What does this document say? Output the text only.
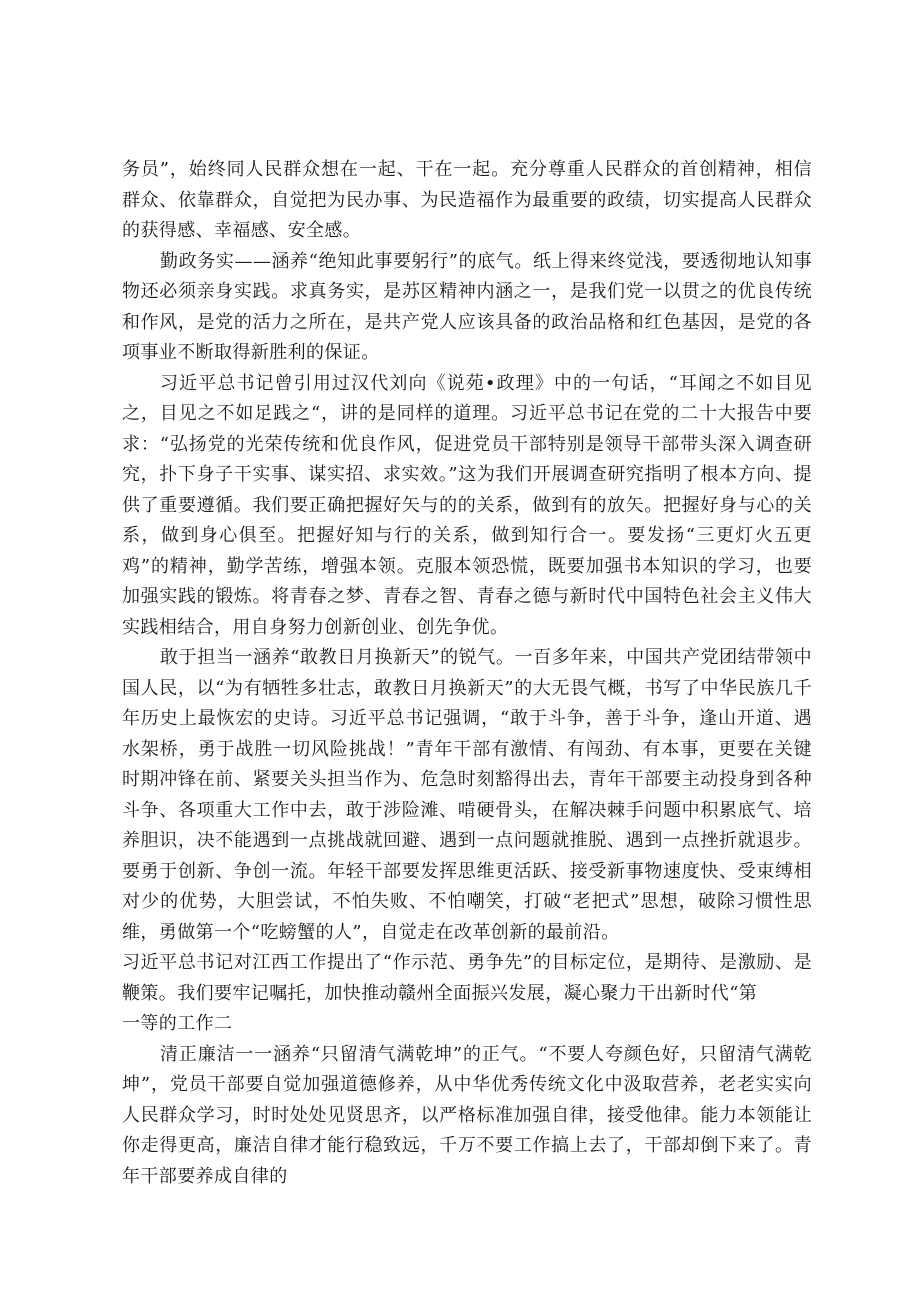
务员”，始终同人民群众想在一起、干在一起。充分尊重人民群众的首创精神，相信群众、依靠群众，自觉把为民办事、为民造福作为最重要的政绩，切实提高人民群众的获得感、幸福感、安全感。

勤政务实——涵养“绝知此事要躬行”的底气。纸上得来终觉浅，要透彻地认知事物还必须亲身实践。求真务实，是苏区精神内涵之一，是我们党一以贯之的优良传统和作风，是党的活力之所在，是共产党人应该具备的政治品格和红色基因，是党的各项事业不断取得新胜利的保证。

习近平总书记曾引用过汉代刘向《说苑•政理》中的一句话，“耳闻之不如目见之，目见之不如足践之“，讲的是同样的道理。习近平总书记在党的二十大报告中要求：“弘扬党的光荣传统和优良作风，促进党员干部特别是领导干部带头深入调查研究，扑下身子干实事、谋实招、求实效。”这为我们开展调查研究指明了根本方向、提供了重要遵循。我们要正确把握好矢与的的关系，做到有的放矢。把握好身与心的关系，做到身心俱至。把握好知与行的关系，做到知行合一。要发扬“三更灯火五更鸡”的精神，勤学苦练，增强本领。克服本领恐慌，既要加强书本知识的学习，也要加强实践的锻炼。将青春之梦、青春之智、青春之德与新时代中国特色社会主义伟大实践相结合，用自身努力创新创业、创先争优。

敢于担当一涵养“敢教日月换新天”的锐气。一百多年来，中国共产党团结带领中国人民，以“为有牺牲多壮志，敢教日月换新天”的大无畏气概，书写了中华民族几千年历史上最恢宏的史诗。习近平总书记强调，“敢于斗争，善于斗争，逢山开道、遇水架桥，勇于战胜一切风险挑战！”青年干部有激情、有闯劲、有本事，更要在关键时期冲锋在前、紧要关头担当作为、危急时刻豁得出去，青年干部要主动投身到各种斗争、各项重大工作中去，敢于涉险滩、啃硬骨头，在解决棘手问题中积累底气、培养胆识，决不能遇到一点挑战就回避、遇到一点问题就推脱、遇到一点挫折就退步。要勇于创新、争创一流。年轻干部要发挥思维更活跃、接受新事物速度快、受束缚相对少的优势，大胆尝试，不怕失败、不怕嘲笑，打破“老把式”思想，破除习惯性思维，勇做第一个“吃螃蟹的人”，自觉走在改革创新的最前沿。

习近平总书记对江西工作提出了“作示范、勇争先”的目标定位，是期待、是激励、是鞭策。我们要牢记嘱托，加快推动赣州全面振兴发展，凝心聚力干出新时代“第

一等的工作二

清正廉洁一一涵养“只留清气满乾坤”的正气。“不要人夸颜色好，只留清气满乾坤”，党员干部要自觉加强道德修养，从中华优秀传统文化中汲取营养，老老实实向人民群众学习，时时处处见贤思齐，以严格标准加强自律，接受他律。能力本领能让你走得更高，廉洁自律才能行稳致远，千万不要工作搞上去了，干部却倒下来了。青年干部要养成自律的
